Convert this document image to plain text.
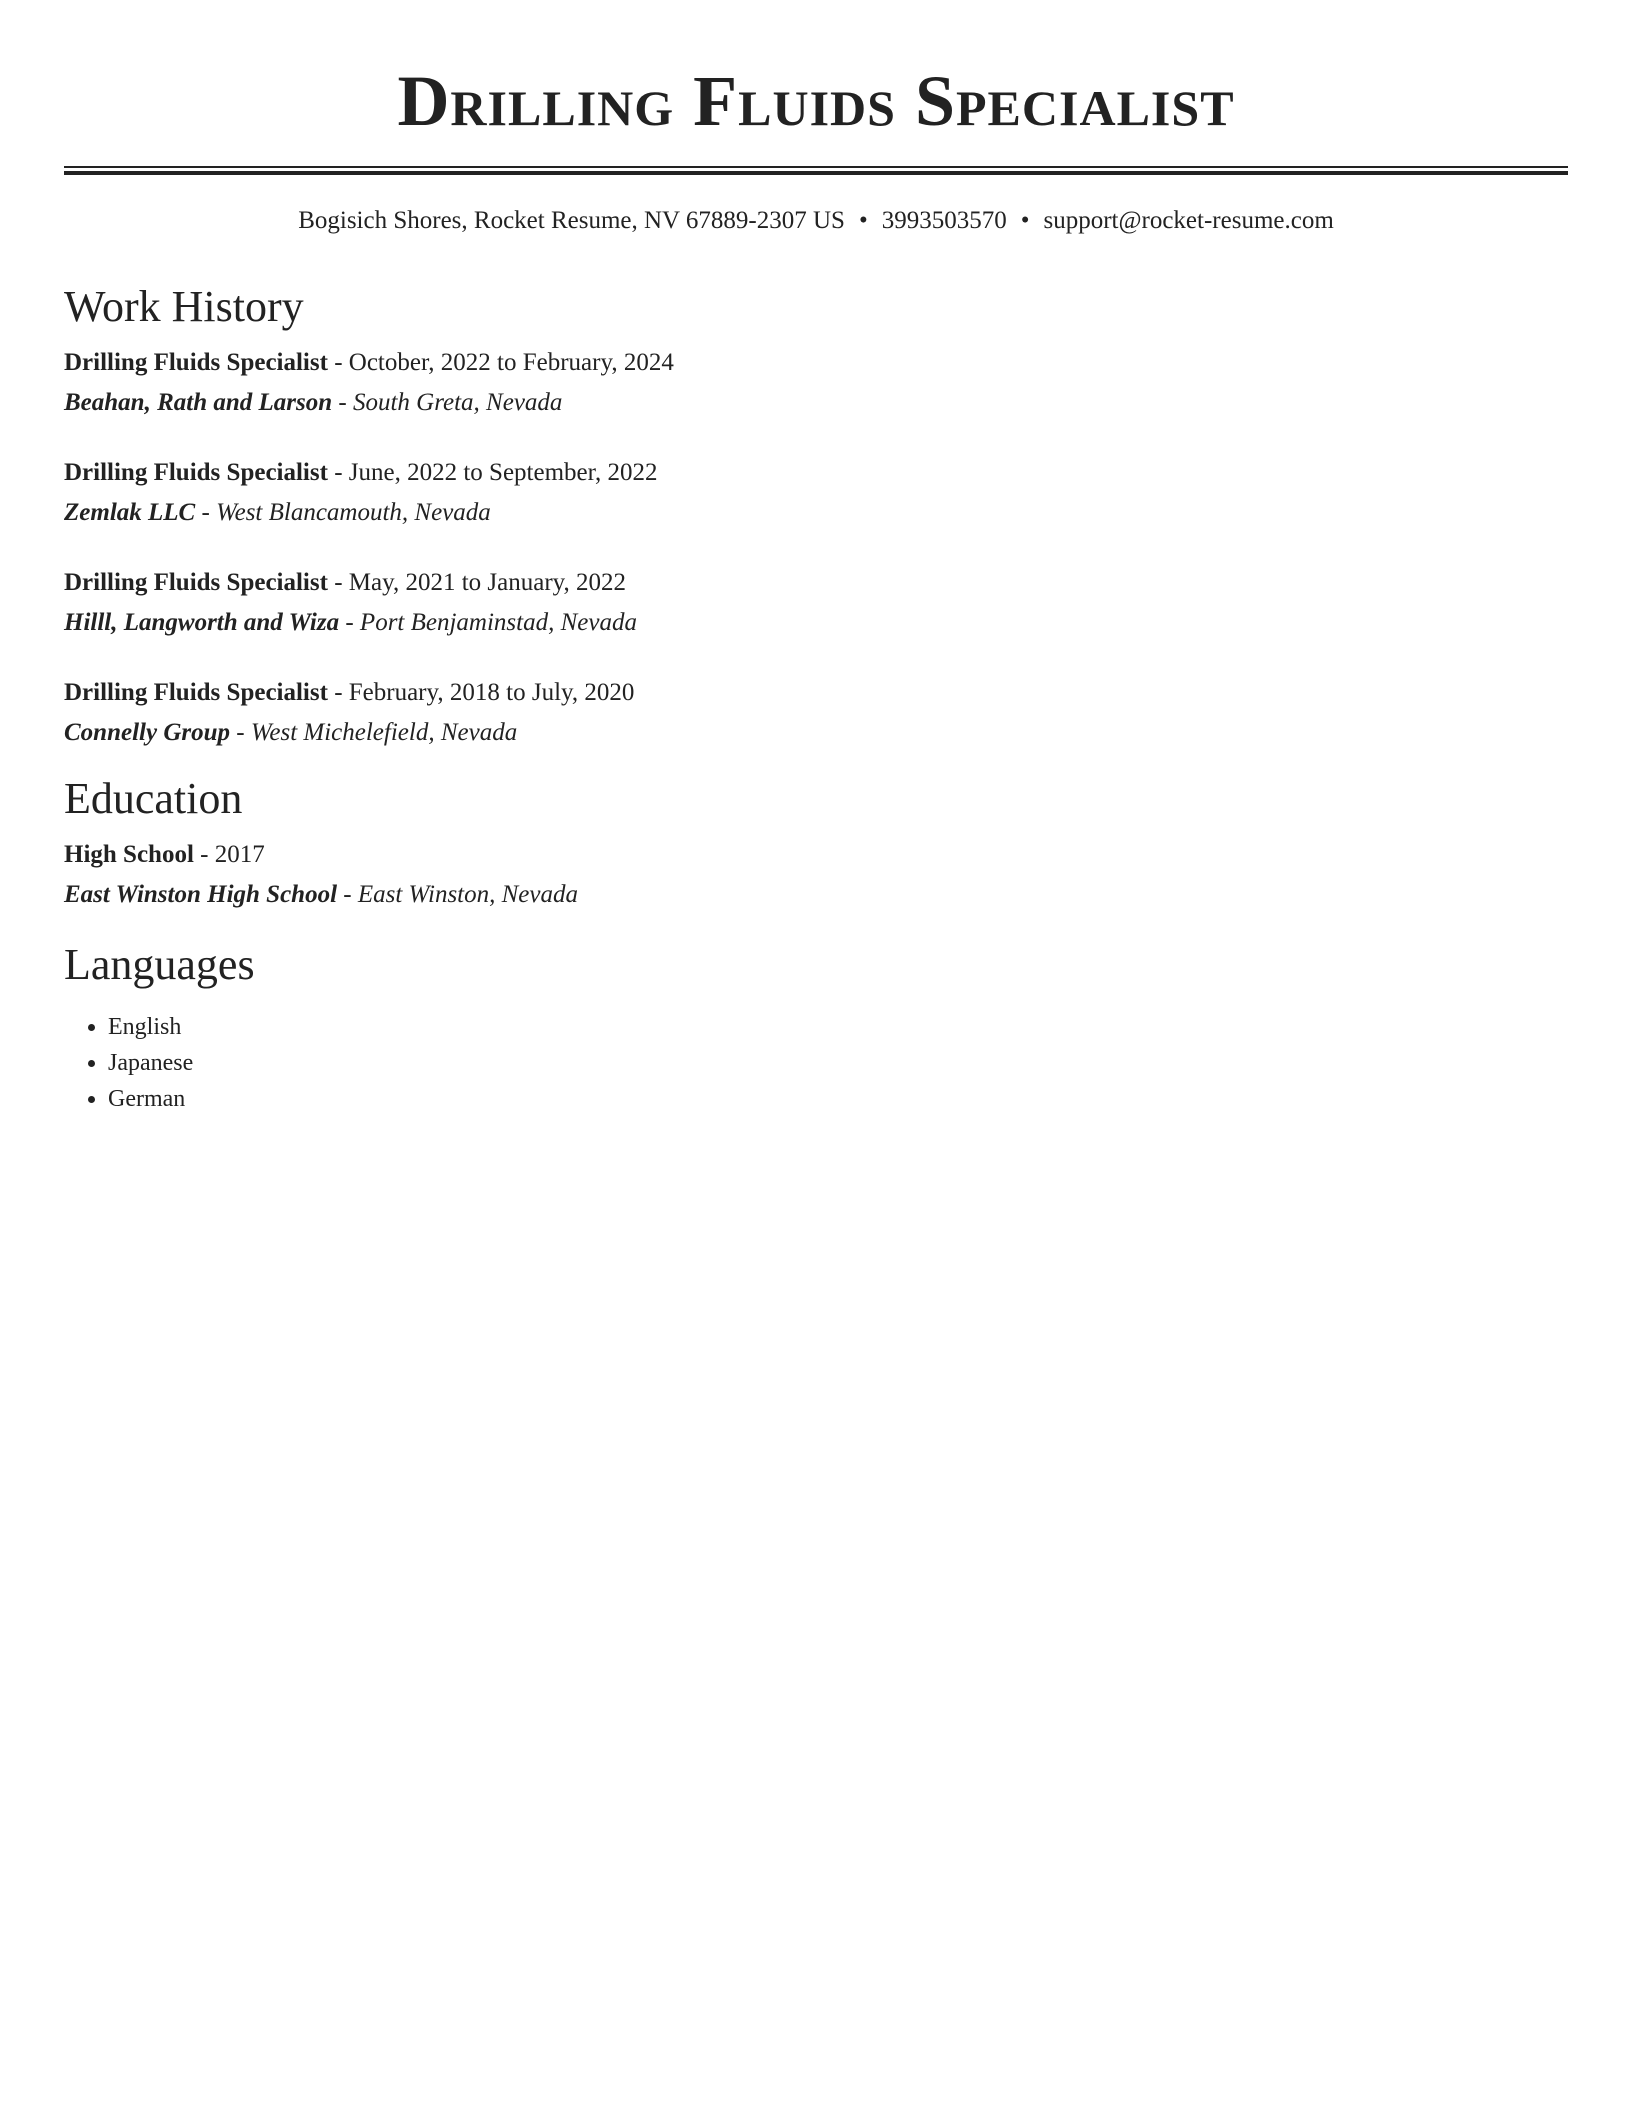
Drilling Fluids Specialist
Bogisich Shores, Rocket Resume, NV 67889-2307 US • 3993503570 • support@rocket-resume.com
Work History
Drilling Fluids Specialist - October, 2022 to February, 2024
Beahan, Rath and Larson - South Greta, Nevada
Drilling Fluids Specialist - June, 2022 to September, 2022
Zemlak LLC - West Blancamouth, Nevada
Drilling Fluids Specialist - May, 2021 to January, 2022
Hilll, Langworth and Wiza - Port Benjaminstad, Nevada
Drilling Fluids Specialist - February, 2018 to July, 2020
Connelly Group - West Michelefield, Nevada
Education
High School - 2017
East Winston High School - East Winston, Nevada
Languages
• English
• Japanese
• German
